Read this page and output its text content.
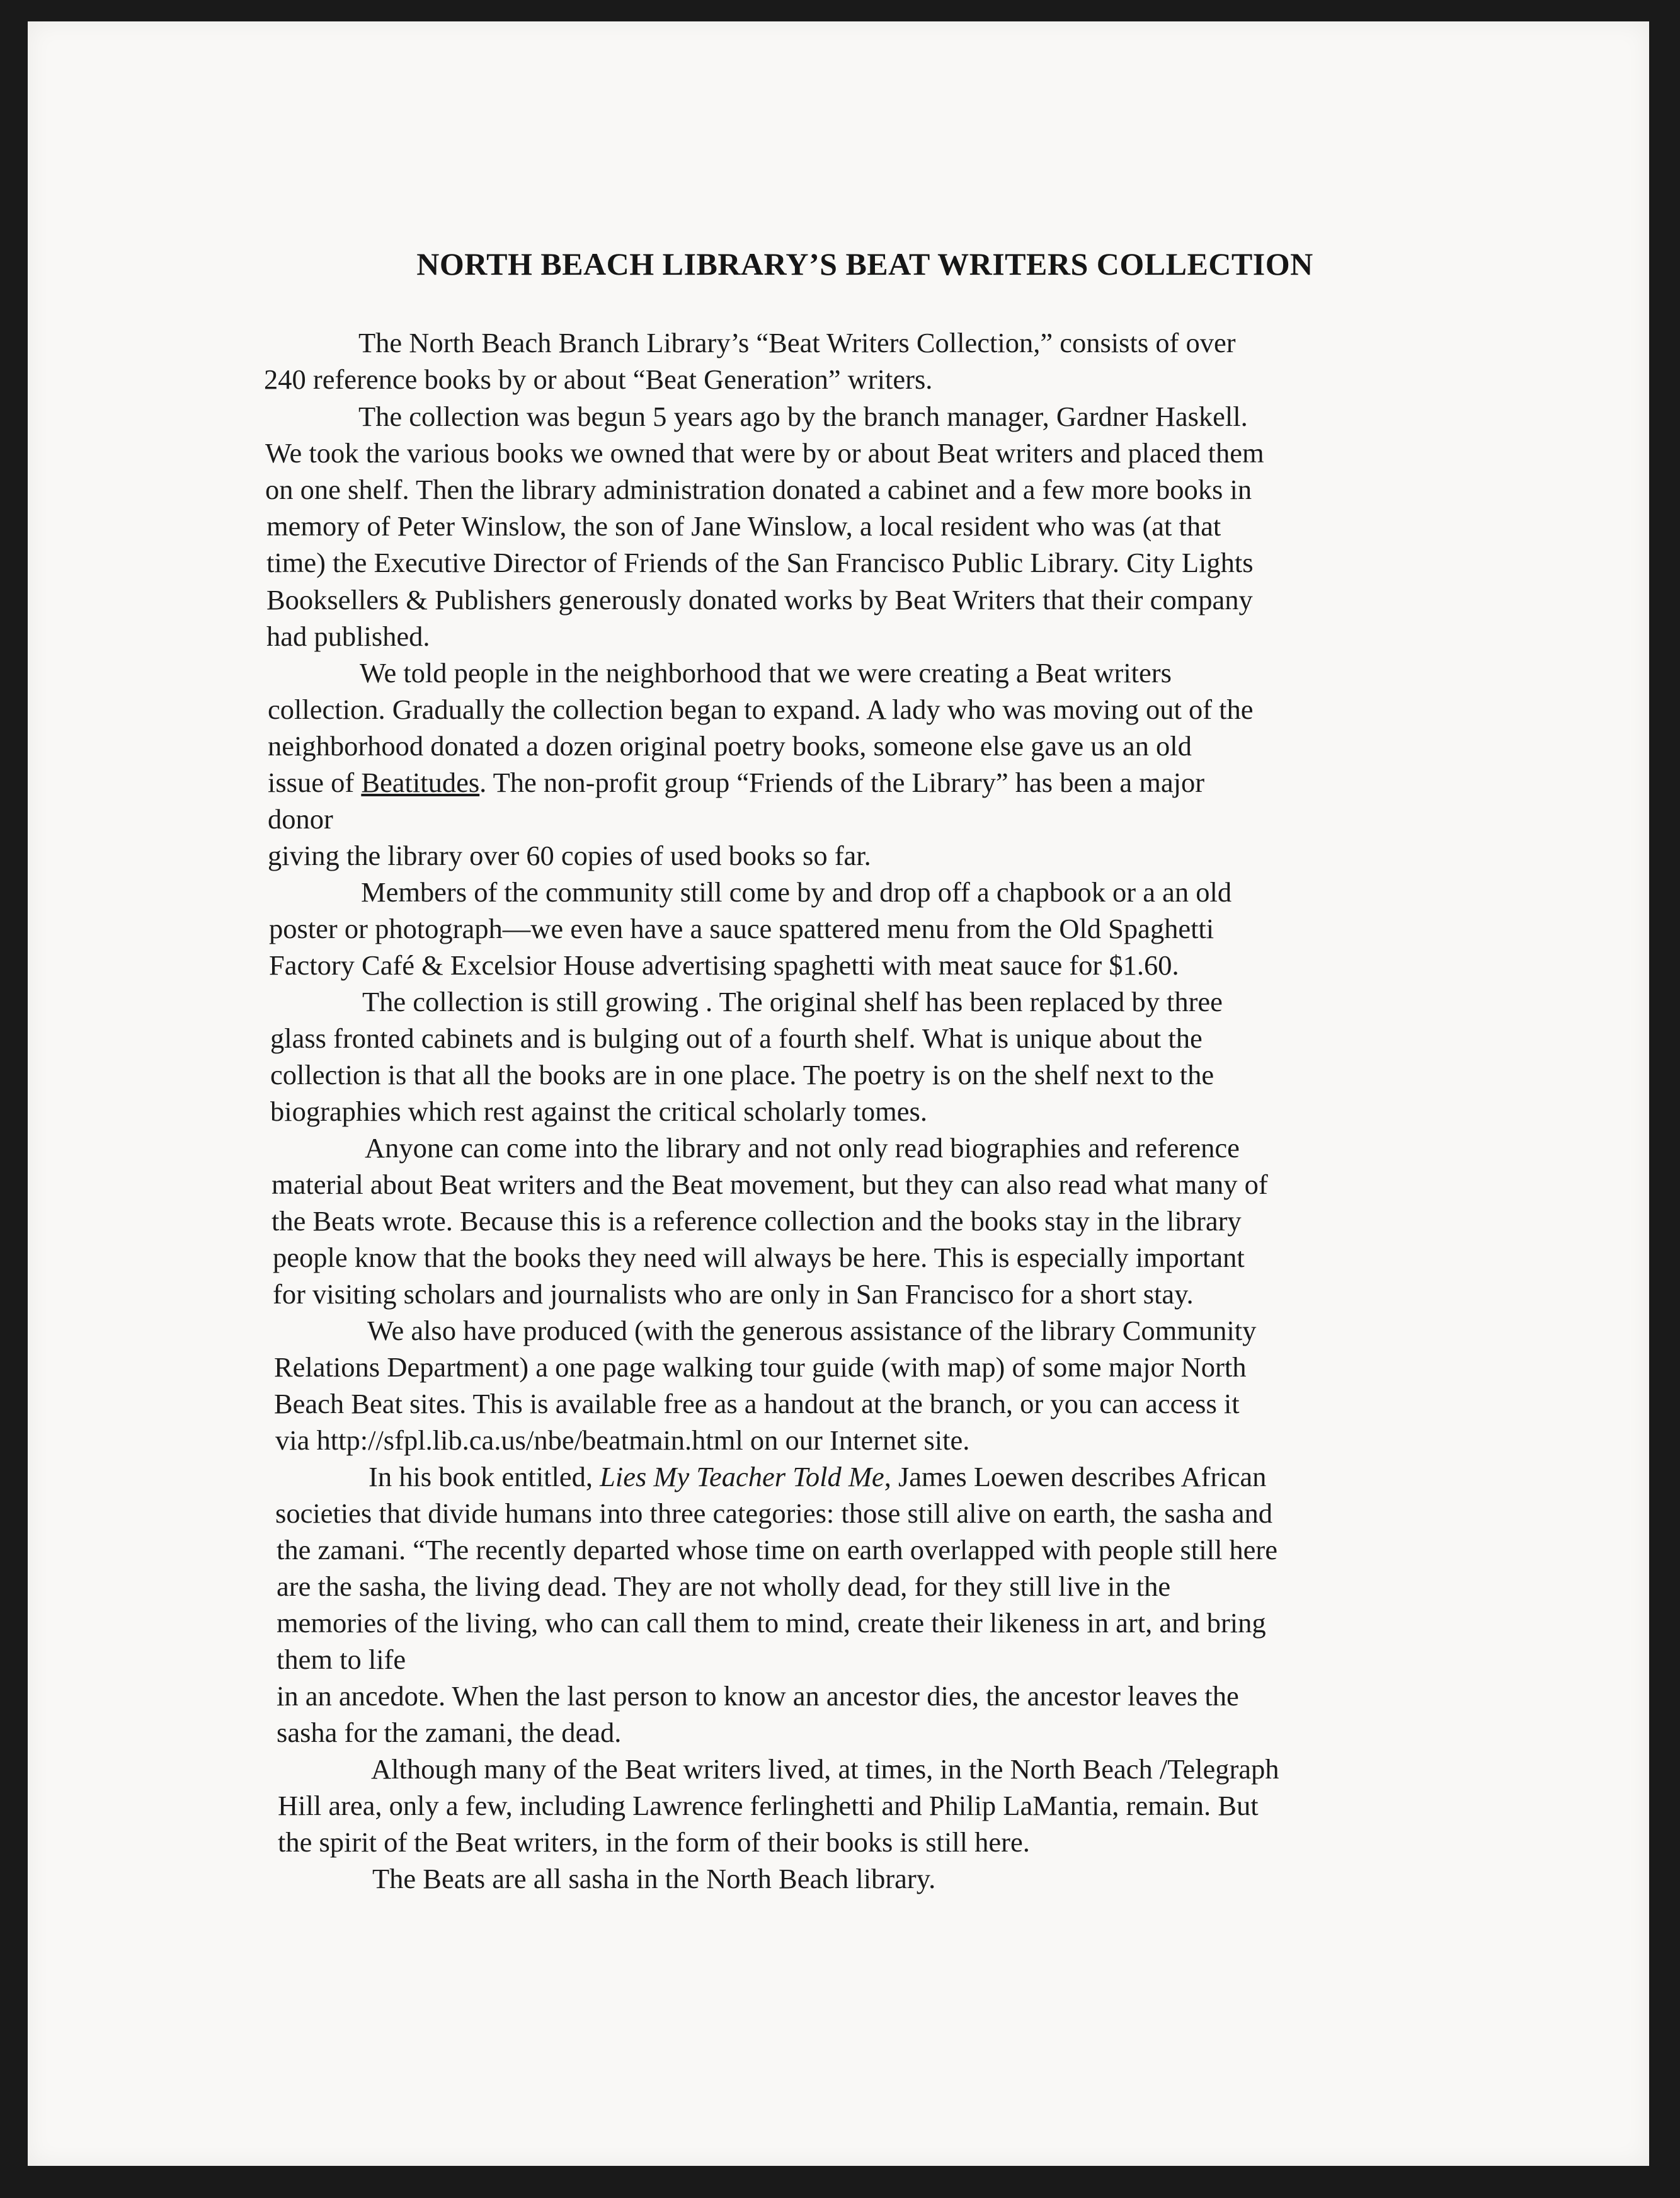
NORTH BEACH LIBRARY’S BEAT WRITERS COLLECTION
The North Beach Branch Library’s “Beat Writers Collection,” consists of over
240 reference books by or about “Beat Generation” writers.
The collection was begun 5 years ago by the branch manager, Gardner Haskell.
We took the various books we owned that were by or about Beat writers and placed them
on one shelf. Then the library administration donated a cabinet and a few more books in
memory of Peter Winslow, the son of Jane Winslow, a local resident who was (at that
time) the Executive Director of Friends of the San Francisco Public Library. City Lights
Booksellers & Publishers generously donated works by Beat Writers that their company
had published.
We told people in the neighborhood that we were creating a Beat writers
collection. Gradually the collection began to expand. A lady who was moving out of the
neighborhood donated a dozen original poetry books, someone else gave us an old
issue of Beatitudes. The non-profit group “Friends of the Library” has been a major
donor
giving the library over 60 copies of used books so far.
Members of the community still come by and drop off a chapbook or a an old
poster or photograph—we even have a sauce spattered menu from the Old Spaghetti
Factory Café & Excelsior House advertising spaghetti with meat sauce for $1.60.
The collection is still growing . The original shelf has been replaced by three
glass fronted cabinets and is bulging out of a fourth shelf. What is unique about the
collection is that all the books are in one place. The poetry is on the shelf next to the
biographies which rest against the critical scholarly tomes.
Anyone can come into the library and not only read biographies and reference
material about Beat writers and the Beat movement, but they can also read what many of
the Beats wrote. Because this is a reference collection and the books stay in the library
people know that the books they need will always be here. This is especially important
for visiting scholars and journalists who are only in San Francisco for a short stay.
We also have produced (with the generous assistance of the library Community
Relations Department) a one page walking tour guide (with map) of some major North
Beach Beat sites. This is available free as a handout at the branch, or you can access it
via http://sfpl.lib.ca.us/nbe/beatmain.html on our Internet site.
In his book entitled, Lies My Teacher Told Me, James Loewen describes African
societies that divide humans into three categories: those still alive on earth, the sasha and
the zamani. “The recently departed whose time on earth overlapped with people still here
are the sasha, the living dead. They are not wholly dead, for they still live in the
memories of the living, who can call them to mind, create their likeness in art, and bring
them to life
in an ancedote. When the last person to know an ancestor dies, the ancestor leaves the
sasha for the zamani, the dead.
Although many of the Beat writers lived, at times, in the North Beach /Telegraph
Hill area, only a few, including Lawrence ferlinghetti and Philip LaMantia, remain. But
the spirit of the Beat writers, in the form of their books is still here.
The Beats are all sasha in the North Beach library.
